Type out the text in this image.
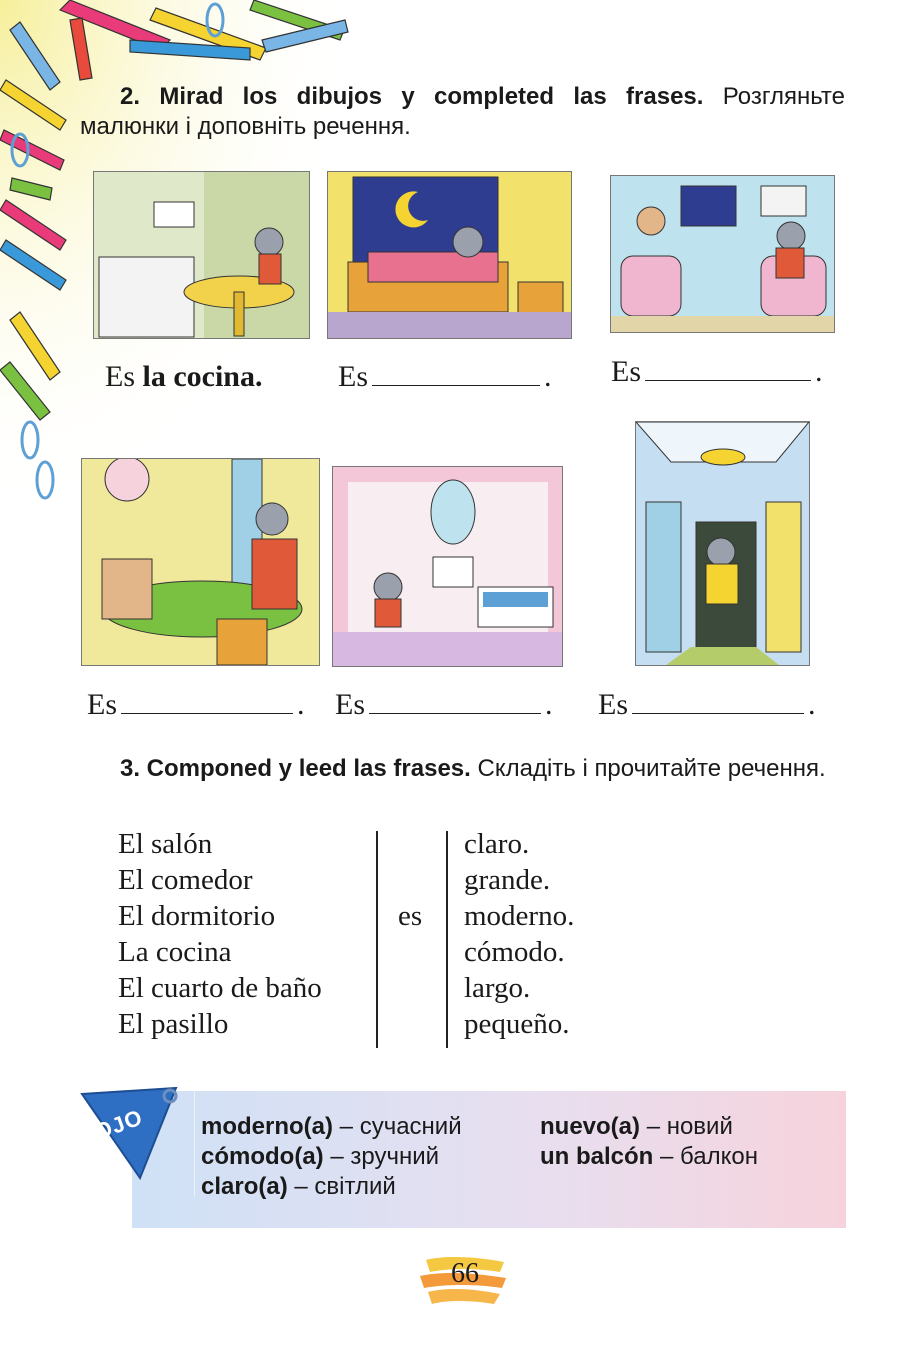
2. Mirad los dibujos y completed las frases. Розгляньте малюнки і доповніть речення.
Es la cocina.	Es	. Es	.
Es	. Es	. Es	.
3. Componed y leed las frases. Складіть і прочитайте речення.
El salón
El comedor
El dormitorio
La cocina
El cuarto de baño
El pasillo
es
claro.
grande.
moderno.
cómodo.
largo.
pequeño.
OJO moderno(a) – сучасний
cómodo(a) – зручний
claro(a) – світлий
nuevo(a) – новий
un balcón – балкон
66
